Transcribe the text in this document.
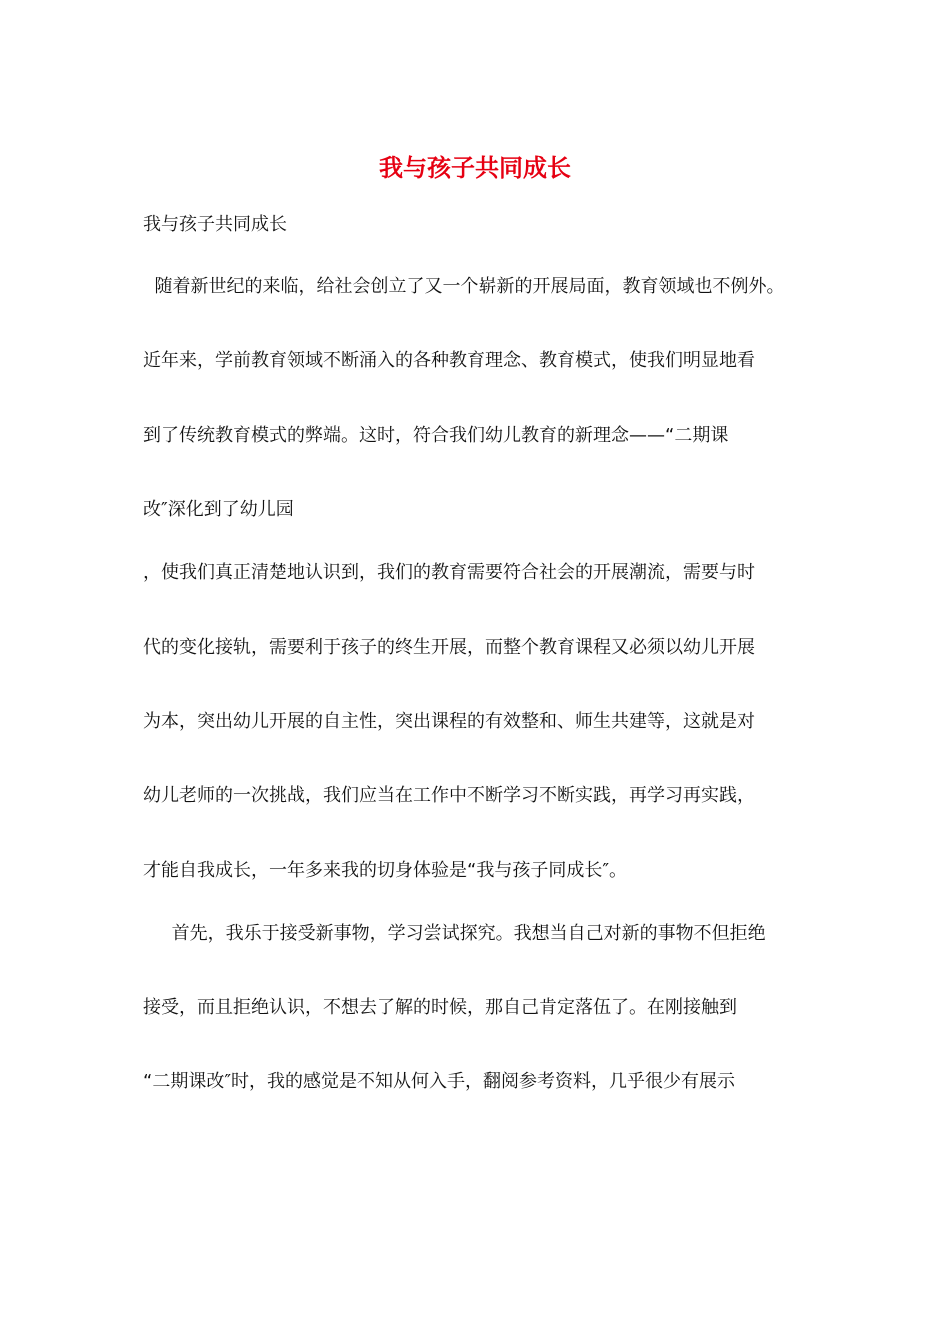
我与孩子共同成长

我与孩子共同成长

随着新世纪的来临，给社会创立了又一个崭新的开展局面，教育领域也不例外。

近年来，学前教育领域不断涌入的各种教育理念、教育模式，使我们明显地看

到了传统教育模式的弊端。这时，符合我们幼儿教育的新理念——“二期课

改″深化到了幼儿园

，使我们真正清楚地认识到，我们的教育需要符合社会的开展潮流，需要与时

代的变化接轨，需要利于孩子的终生开展，而整个教育课程又必须以幼儿开展

为本，突出幼儿开展的自主性，突出课程的有效整和、师生共建等，这就是对

幼儿老师的一次挑战，我们应当在工作中不断学习不断实践，再学习再实践，

才能自我成长，一年多来我的切身体验是“我与孩子同成长″。

首先，我乐于接受新事物，学习尝试探究。我想当自己对新的事物不但拒绝

接受，而且拒绝认识，不想去了解的时候，那自己肯定落伍了。在刚接触到

“二期课改″时，我的感觉是不知从何入手，翻阅参考资料，几乎很少有展示
